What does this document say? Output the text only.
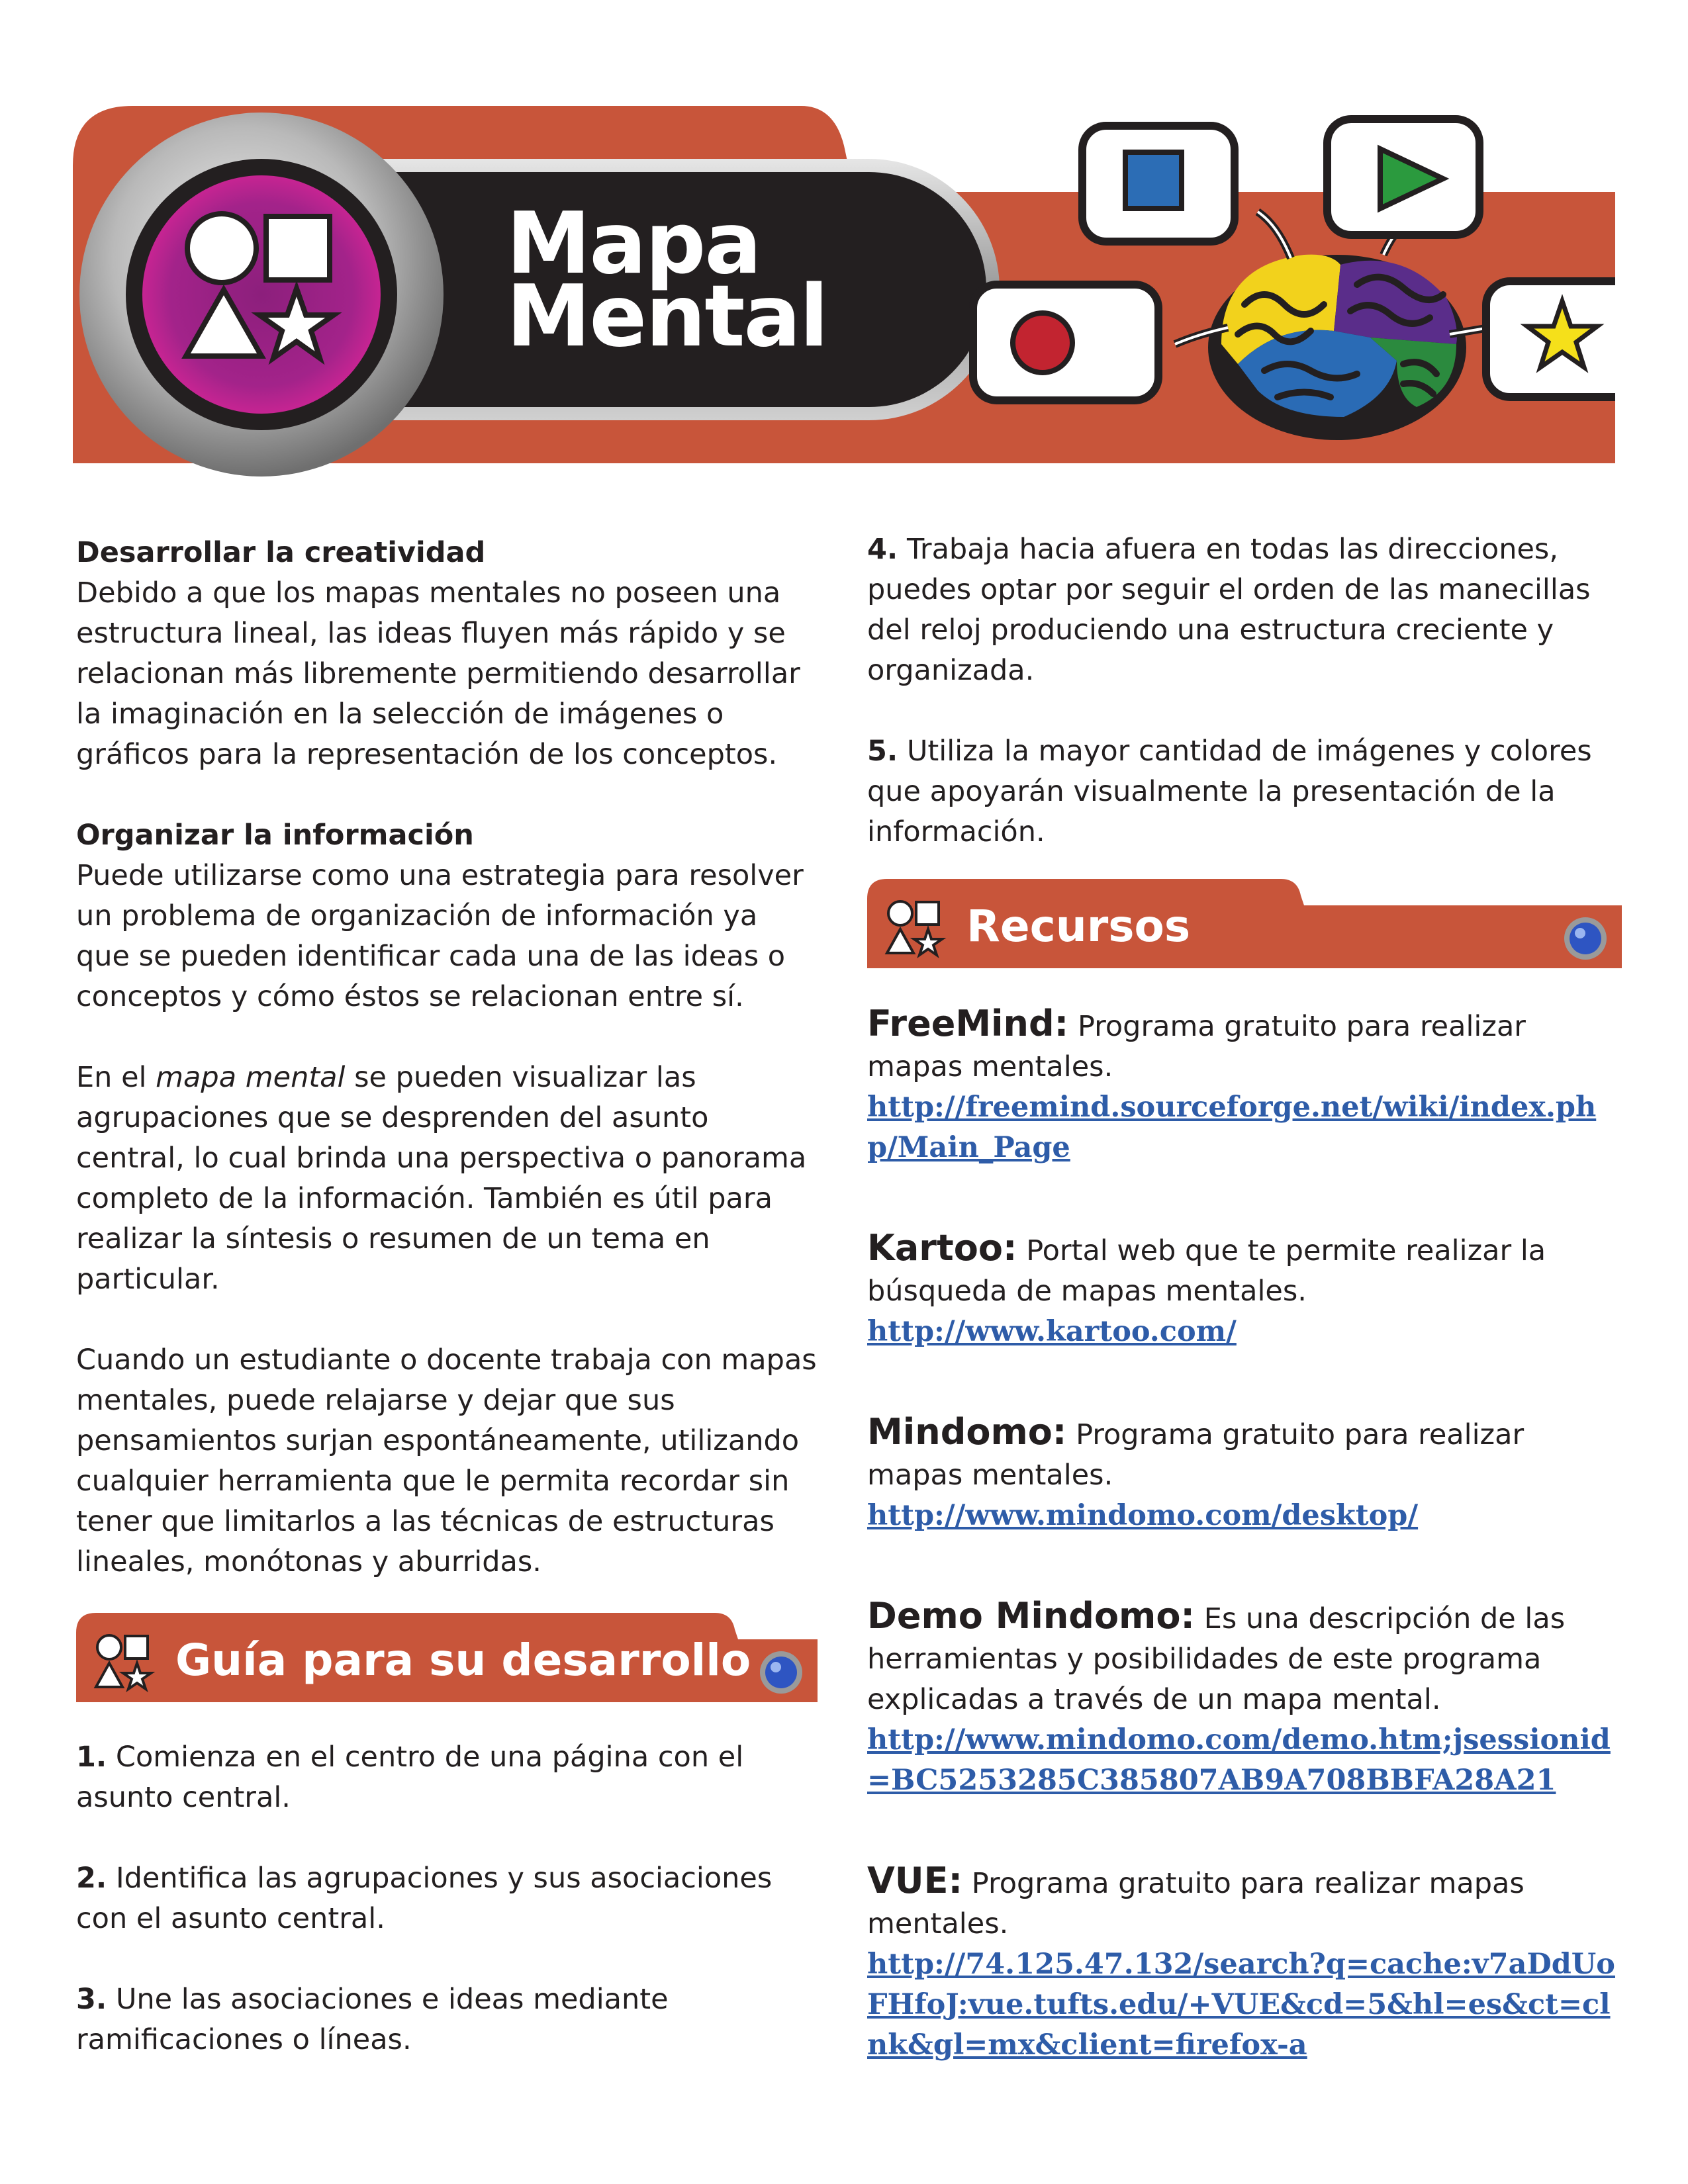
Mapa
Mental

Desarrollar la creatividad
Debido a que los mapas mentales no poseen una estructura lineal, las ideas fluyen más rápido y se relacionan más libremente permitiendo desarrollar la imaginación en la selección de imágenes o gráficos para la representación de los conceptos.

Organizar la información
Puede utilizarse como una estrategia para resolver un problema de organización de información ya que se pueden identificar cada una de las ideas o conceptos y cómo éstos se relacionan entre sí.

En el mapa mental se pueden visualizar las agrupaciones que se desprenden del asunto central, lo cual brinda una perspectiva o panorama completo de la información. También es útil para realizar la síntesis o resumen de un tema en particular.

Cuando un estudiante o docente trabaja con mapas mentales, puede relajarse y dejar que sus pensamientos surjan espontáneamente, utilizando cualquier herramienta que le permita recordar sin tener que limitarlos a las técnicas de estructuras lineales, monótonas y aburridas.

Guía para su desarrollo

1. Comienza en el centro de una página con el asunto central.

2. Identifica las agrupaciones y sus asociaciones con el asunto central.

3. Une las asociaciones e ideas mediante ramificaciones o líneas.

4. Trabaja hacia afuera en todas las direcciones, puedes optar por seguir el orden de las manecillas del reloj produciendo una estructura creciente y organizada.

5. Utiliza la mayor cantidad de imágenes y colores que apoyarán visualmente la presentación de la información.

Recursos

FreeMind: Programa gratuito para realizar mapas mentales.

http://freemind.sourceforge.net/wiki/index.php/Main_Page

Kartoo: Portal web que te permite realizar la búsqueda de mapas mentales.

http://www.kartoo.com/

Mindomo: Programa gratuito para realizar mapas mentales.

http://www.mindomo.com/desktop/

Demo Mindomo: Es una descripción de las herramientas y posibilidades de este programa explicadas a través de un mapa mental.

http://www.mindomo.com/demo.htm;jsessionid=BC5253285C385807AB9A708BBFA28A21

VUE: Programa gratuito para realizar mapas mentales.

http://74.125.47.132/search?q=cache:v7aDdUoFHfoJ:vue.tufts.edu/+VUE&cd=5&hl=es&ct=clnk&gl=mx&client=firefox-a
